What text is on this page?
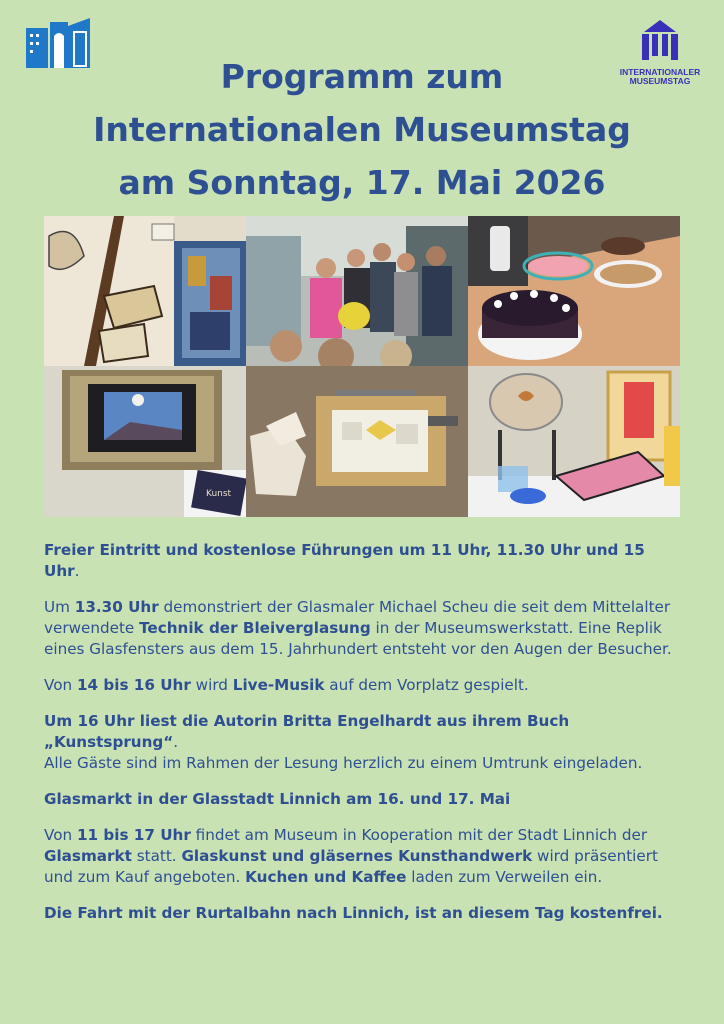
INTERNATIONALER
MUSEUMSTAG
Programm zum
Internationalen Museumstag
am Sonntag, 17. Mai 2026
Kunst

Freier Eintritt und kostenlose Führungen um 11 Uhr, 11.30 Uhr und 15 Uhr.

Um 13.30 Uhr demonstriert der Glasmaler Michael Scheu die seit dem Mittelalter verwendete Technik der Bleiverglasung in der Museumswerkstatt. Eine Replik eines Glasfensters aus dem 15. Jahrhundert entsteht vor den Augen der Besucher.

Von 14 bis 16 Uhr wird Live-Musik auf dem Vorplatz gespielt.

Um 16 Uhr liest die Autorin Britta Engelhardt aus ihrem Buch „Kunstsprung“.
Alle Gäste sind im Rahmen der Lesung herzlich zu einem Umtrunk eingeladen.

Glasmarkt in der Glasstadt Linnich am 16. und 17. Mai

Von 11 bis 17 Uhr findet am Museum in Kooperation mit der Stadt Linnich der Glasmarkt statt. Glaskunst und gläsernes Kunsthandwerk wird präsentiert und zum Kauf angeboten. Kuchen und Kaffee laden zum Verweilen ein.

Die Fahrt mit der Rurtalbahn nach Linnich, ist an diesem Tag kostenfrei.
